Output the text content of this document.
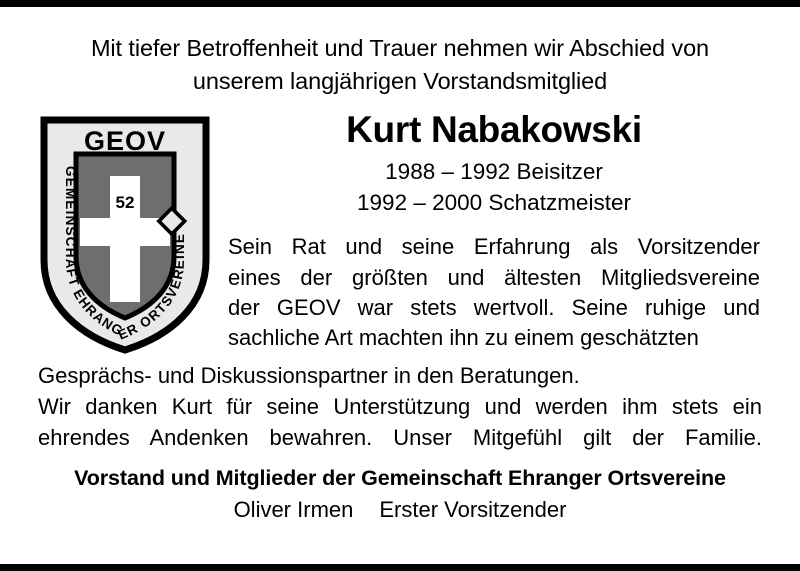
Mit tiefer Betroffenheit und Trauer nehmen wir Abschied von
unserem langjährigen Vorstandsmitglied
GEOV
52
GEMEINSCHAFT EHRANGER ORTSVEREINE
Kurt Nabakowski
1988 – 1992 Beisitzer
1992 – 2000 Schatzmeister
Sein Rat und seine Erfahrung als Vorsitzender
eines der größten und ältesten Mitgliedsvereine
der GEOV war stets wertvoll. Seine ruhige und
sachliche Art machten ihn zu einem geschätzten
Gesprächs- und Diskussionspartner in den Beratungen.
Wir danken Kurt für seine Unterstützung und werden ihm stets ein
ehrendes Andenken bewahren. Unser Mitgefühl gilt der Familie.
Vorstand und Mitglieder der Gemeinschaft Ehranger Ortsvereine
Oliver Irmen Erster Vorsitzender
